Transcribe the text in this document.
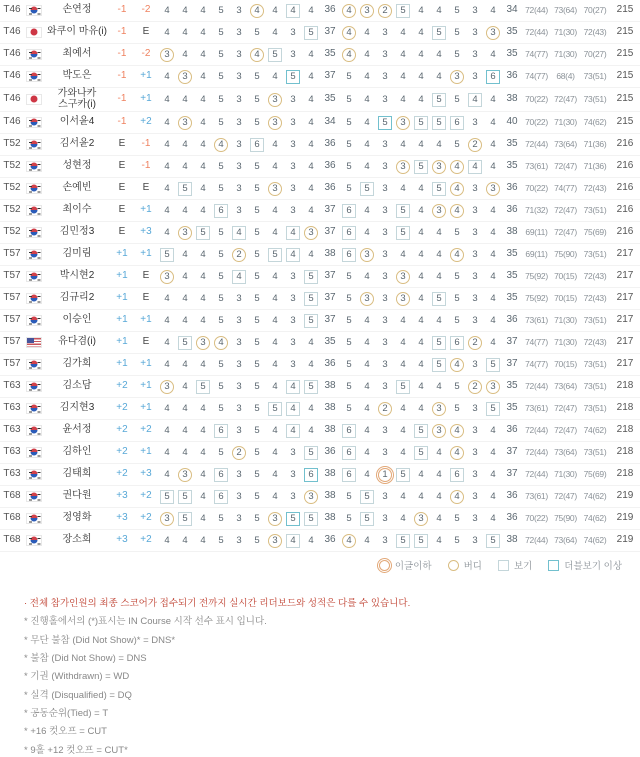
T46	손연정	-1	-2	4	4	4	5	3	4	4	4	4	36	4	3	2	5	4	4	5	3	4	34 72(44) 73(64) 70(27)	215
T46	와쿠이 마유(i)	-1	E	4	4	4	5	3	5	4	3	5	37	4	4	3	4	4	5	5	3	3	35 72(44) 71(30) 72(43)	215
T46	최예서	-1	-2	3	4	4	5	3	4	5	3	4	35	4	4	3	4	4	4	5	3	4	35 74(77) 71(30) 70(27)	215
T46	박도은	-1	+1	4	3	4	5	3	5	4	5	4	37	5	4	3	4	4	4	3	3	6	36 74(77) 68(4)	73(51)	215
T46	가와나카 스구카(i)	-1	+1	4	4	4	5	3	5	3	3	4	35	5	4	3	4	4	5	5	4	4	38 70(22) 72(47) 73(51)	215
T46	이서윤4	-1	+2	4	3	4	5	3	5	3	3	4	34	5	4	5	3	5	5	6	3	4	40 70(22) 71(30) 74(62)	215
T52	김서윤2	E	-1	4	4	4	4	3	6	4	3	4	36	5	4	3	4	4	4	5	2	4	35 72(44) 73(64) 71(36)	216
T52	성현정	E	-1	4	4	4	5	3	5	4	3	4	36	5	4	3	3	5	3	4	4	4	35 73(61) 72(47) 71(36)	216
T52	손예빈	E	E	4	5	4	5	3	5	3	3	4	36	5	5	3	4	4	5	4	3	3	36 70(22) 74(77) 72(43)	216
T52	최이수	E	+1	4	4	4	6	3	5	4	3	4	37	6	4	3	5	4	3	4	3	4	36 71(32) 72(47) 73(51)	216
T52	김민정3	E	+3	4	3	5	5	4	5	4	4	3	37	6	4	3	5	4	4	5	3	4	38 69(11) 72(47) 75(69)	216
T57	김미림	+1	+1	5	4	4	5	2	5	5	4	4	38	6	3	3	4	4	4	4	3	4	35 69(11) 75(90) 73(51)	217
T57	박시현2	+1	E	3	4	4	5	4	5	4	3	5	37	5	4	3	3	4	4	5	3	4	35 75(92) 70(15) 72(43)	217
T57	김규리2	+1	E	4	4	4	5	3	5	4	3	5	37	5	3	3	3	4	5	5	3	4	35 75(92) 70(15) 72(43)	217
T57	이승인	+1	+1	4	4	4	5	3	5	4	3	5	37	5	4	3	4	4	4	5	3	4	36 73(61) 71(30) 73(51)	217
T57	유다겸(i)	+1	E	4	5	3	4	3	5	4	3	4	35	5	4	3	4	4	5	6	2	4	37 74(77) 71(30) 72(43)	217
T57	김가희	+1	+1	4	4	4	5	3	5	4	3	4	36	5	4	3	4	4	5	4	3	5	37 74(77) 70(15) 73(51)	217
T63	김소담	+2	+1	3	4	5	5	3	5	4	4	5	38	5	4	3	5	4	4	5	2	3	35 72(44) 73(64) 73(51)	218
T63	김지현3	+2	+1	4	4	4	5	3	5	5	4	4	38	5	4	2	4	4	3	5	3	5	35 73(61) 72(47) 73(51)	218
T63	윤서정	+2	+2	4	4	4	6	3	5	4	4	4	38	6	4	3	4	5	3	4	3	4	36 72(44) 72(47) 74(62)	218
T63	김하인	+2	+1	4	4	4	5	2	5	4	3	5	36	6	4	3	4	5	4	4	3	4	37 72(44) 73(64) 73(51)	218
T63	김태희	+2	+3	4	3	4	6	3	5	4	3	6	38	6	4	1	5	4	4	6	3	4	37 72(44) 71(30) 75(69)	218
T68	권다원	+3	+2	5	5	4	6	3	5	4	3	3	38	5	5	3	4	4	4	4	3	4	36 73(61) 72(47) 74(62)	219
T68	정영화	+3	+2	3	5	4	5	3	5	3	5	5	38	5	5	3	4	3	4	5	3	4	36 70(22) 75(90) 74(62)	219
T68	장소희	+3	+2	4	4	4	5	3	5	3	4	4	36	4	4	3	5	5	4	5	3	5	38 72(44) 73(64) 74(62)	219
이글이하	버디	보기	더블보기 이상
· 전체 참가인원의 최종 스코어가 접수되기 전까지 실시간 리더보드와 성적은 다를 수 있습니다.
* 진행홀에서의 (*)표시는 IN Course 시작 선수 표시 입니다.
* 무단 불참 (Did Not Show)* = DNS*
* 불참 (Did Not Show) = DNS
* 기권 (Withdrawn) = WD
* 실격 (Disqualified) = DQ
* 공동순위(Tied) = T
* +16 컷오프 = CUT
* 9홀 +12 컷오프 = CUT*
